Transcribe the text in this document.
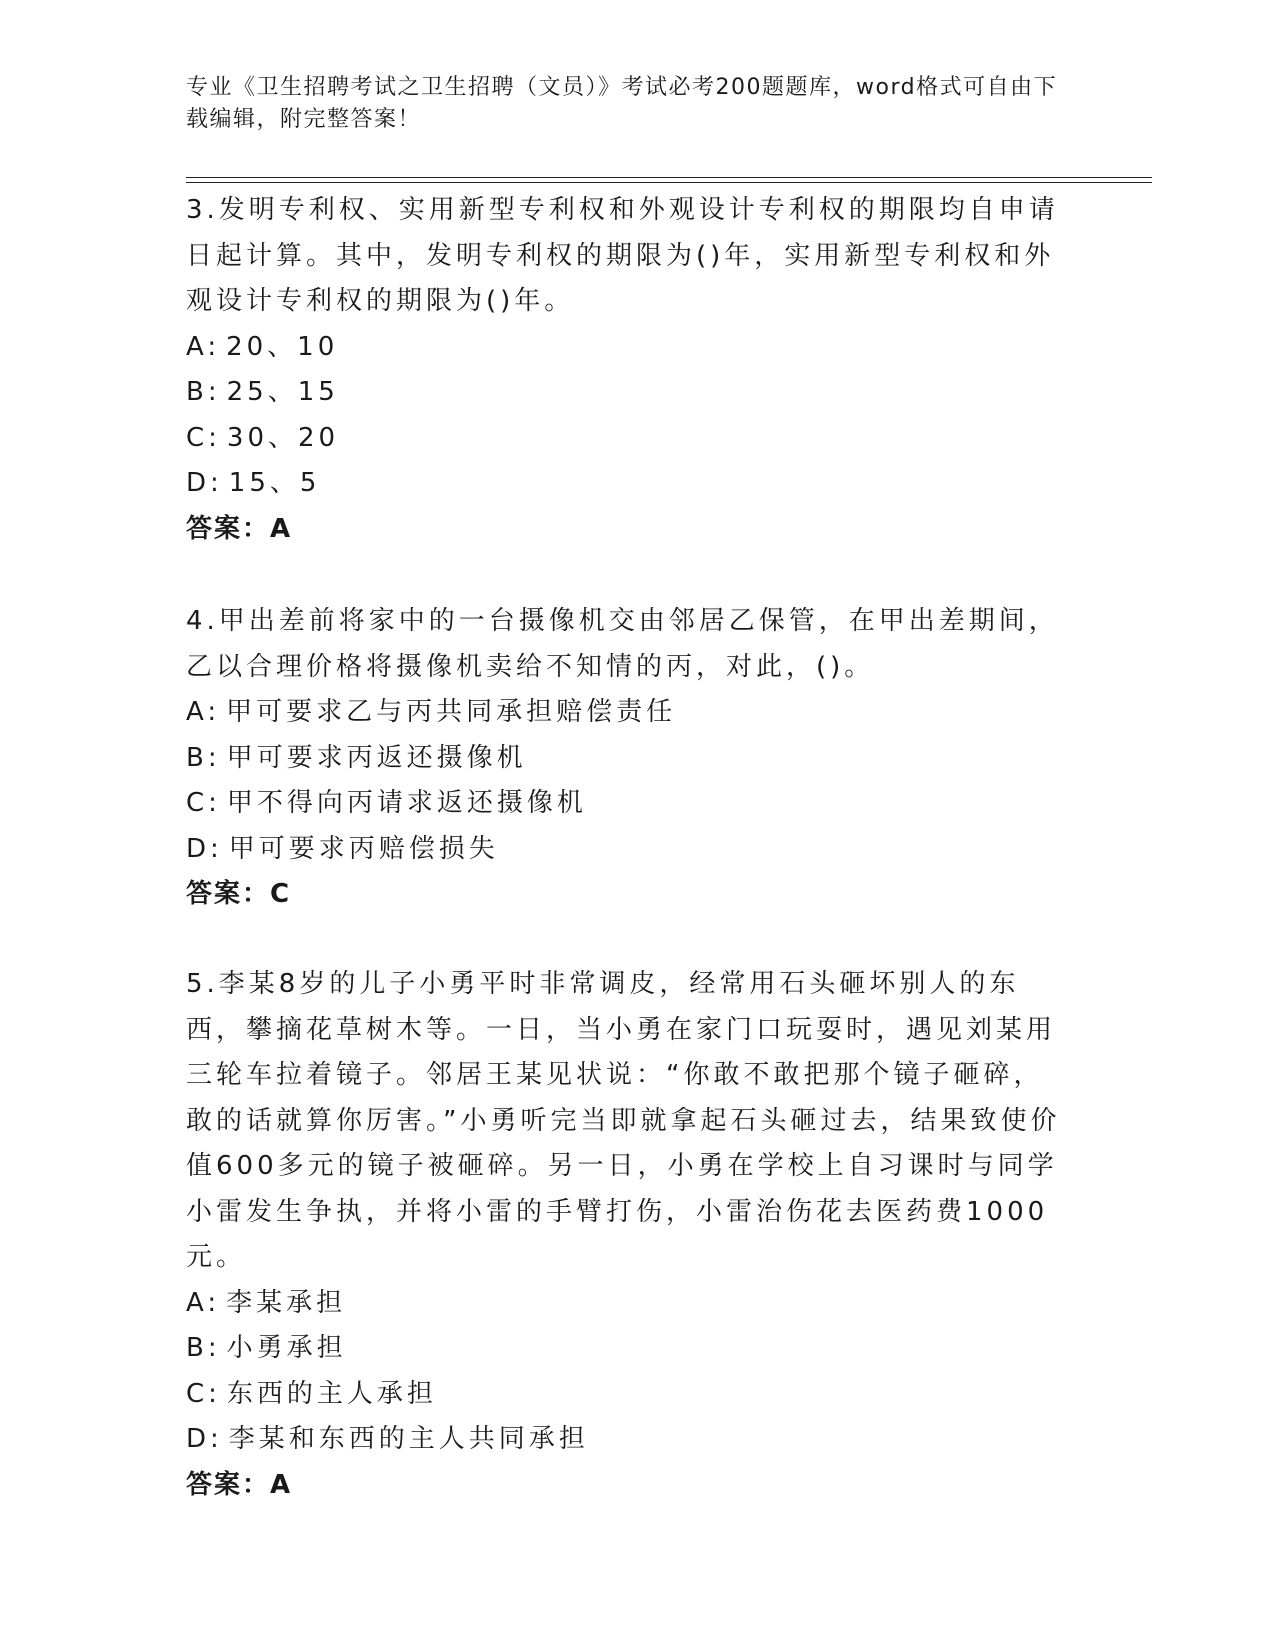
专业《卫生招聘考试之卫生招聘（文员）》考试必考200题题库，word格式可自由下载编辑，附完整答案！

3.发明专利权、实用新型专利权和外观设计专利权的期限均自申请日起计算。其中，发明专利权的期限为()年，实用新型专利权和外观设计专利权的期限为()年。

A: 20、10

B: 25、15

C: 30、20

D: 15、5

答案：A

4.甲出差前将家中的一台摄像机交由邻居乙保管，在甲出差期间，乙以合理价格将摄像机卖给不知情的丙，对此，()。

A: 甲可要求乙与丙共同承担赔偿责任

B: 甲可要求丙返还摄像机

C: 甲不得向丙请求返还摄像机

D: 甲可要求丙赔偿损失

答案：C

5.李某8岁的儿子小勇平时非常调皮，经常用石头砸坏别人的东西，攀摘花草树木等。一日，当小勇在家门口玩耍时，遇见刘某用三轮车拉着镜子。邻居王某见状说：“你敢不敢把那个镜子砸碎，敢的话就算你厉害。”小勇听完当即就拿起石头砸过去，结果致使价值600多元的镜子被砸碎。另一日，小勇在学校上自习课时与同学小雷发生争执，并将小雷的手臂打伤，小雷治伤花去医药费1000元。

A: 李某承担

B: 小勇承担

C: 东西的主人承担

D: 李某和东西的主人共同承担

答案：A
